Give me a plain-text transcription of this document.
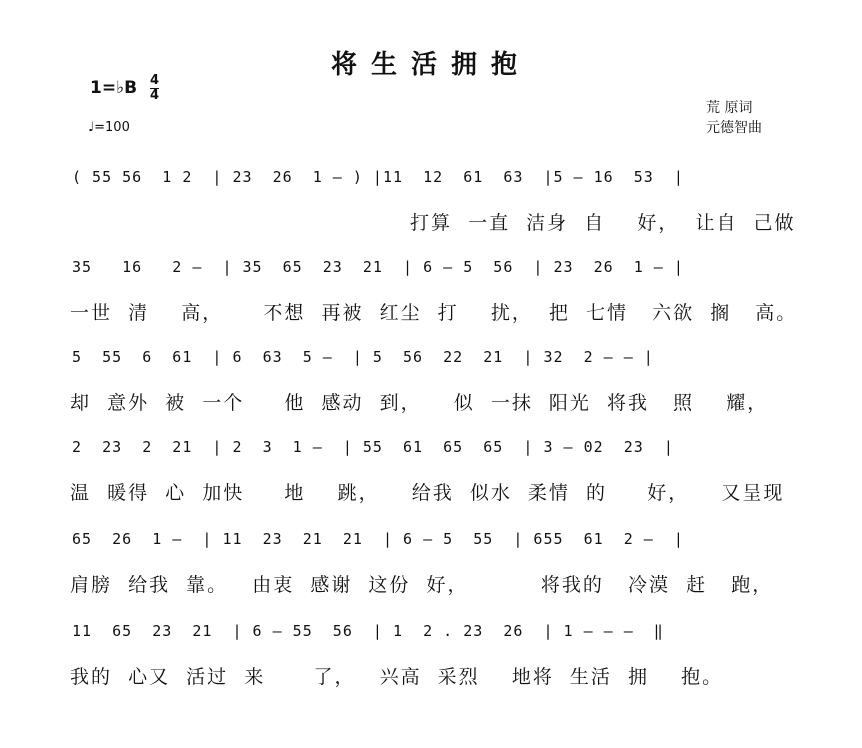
将生活拥抱
1=♭B 4
4
♩=100
荒 原词
元德智曲
( 55 56  1 2  | 23  26  1 – ) |11  12  61  63  |5 – 16  53  |
打算  一直  洁身  自    好，  让自  己做
35   16   2 –  | 35  65  23  21  | 6 – 5  56  | 23  26  1 – |
一世  清    高，     不想  再被  红尘  打    扰，  把  七情   六欲  搁   高。
5  55  6  61  | 6  63  5 –  | 5  56  22  21  | 32  2 – – |
却  意外  被  一个     他  感动  到，    似  一抹  阳光  将我   照    耀，
2  23  2  21  | 2  3  1 –  | 55  61  65  65  | 3 – 02  23  |
温  暖得  心  加快     地    跳，    给我  似水  柔情  的     好，    又呈现
65  26  1 –  | 11  23  21  21  | 6 – 5  55  | 655  61  2 –  |
肩膀  给我  靠。   由衷  感谢  这份  好，         将我的   冷漠  赶   跑，
11  65  23  21  | 6 – 55  56  | 1  2 . 23  26  | 1 – – –  ‖
我的  心又  活过  来      了，   兴高  采烈    地将  生活  拥    抱。
